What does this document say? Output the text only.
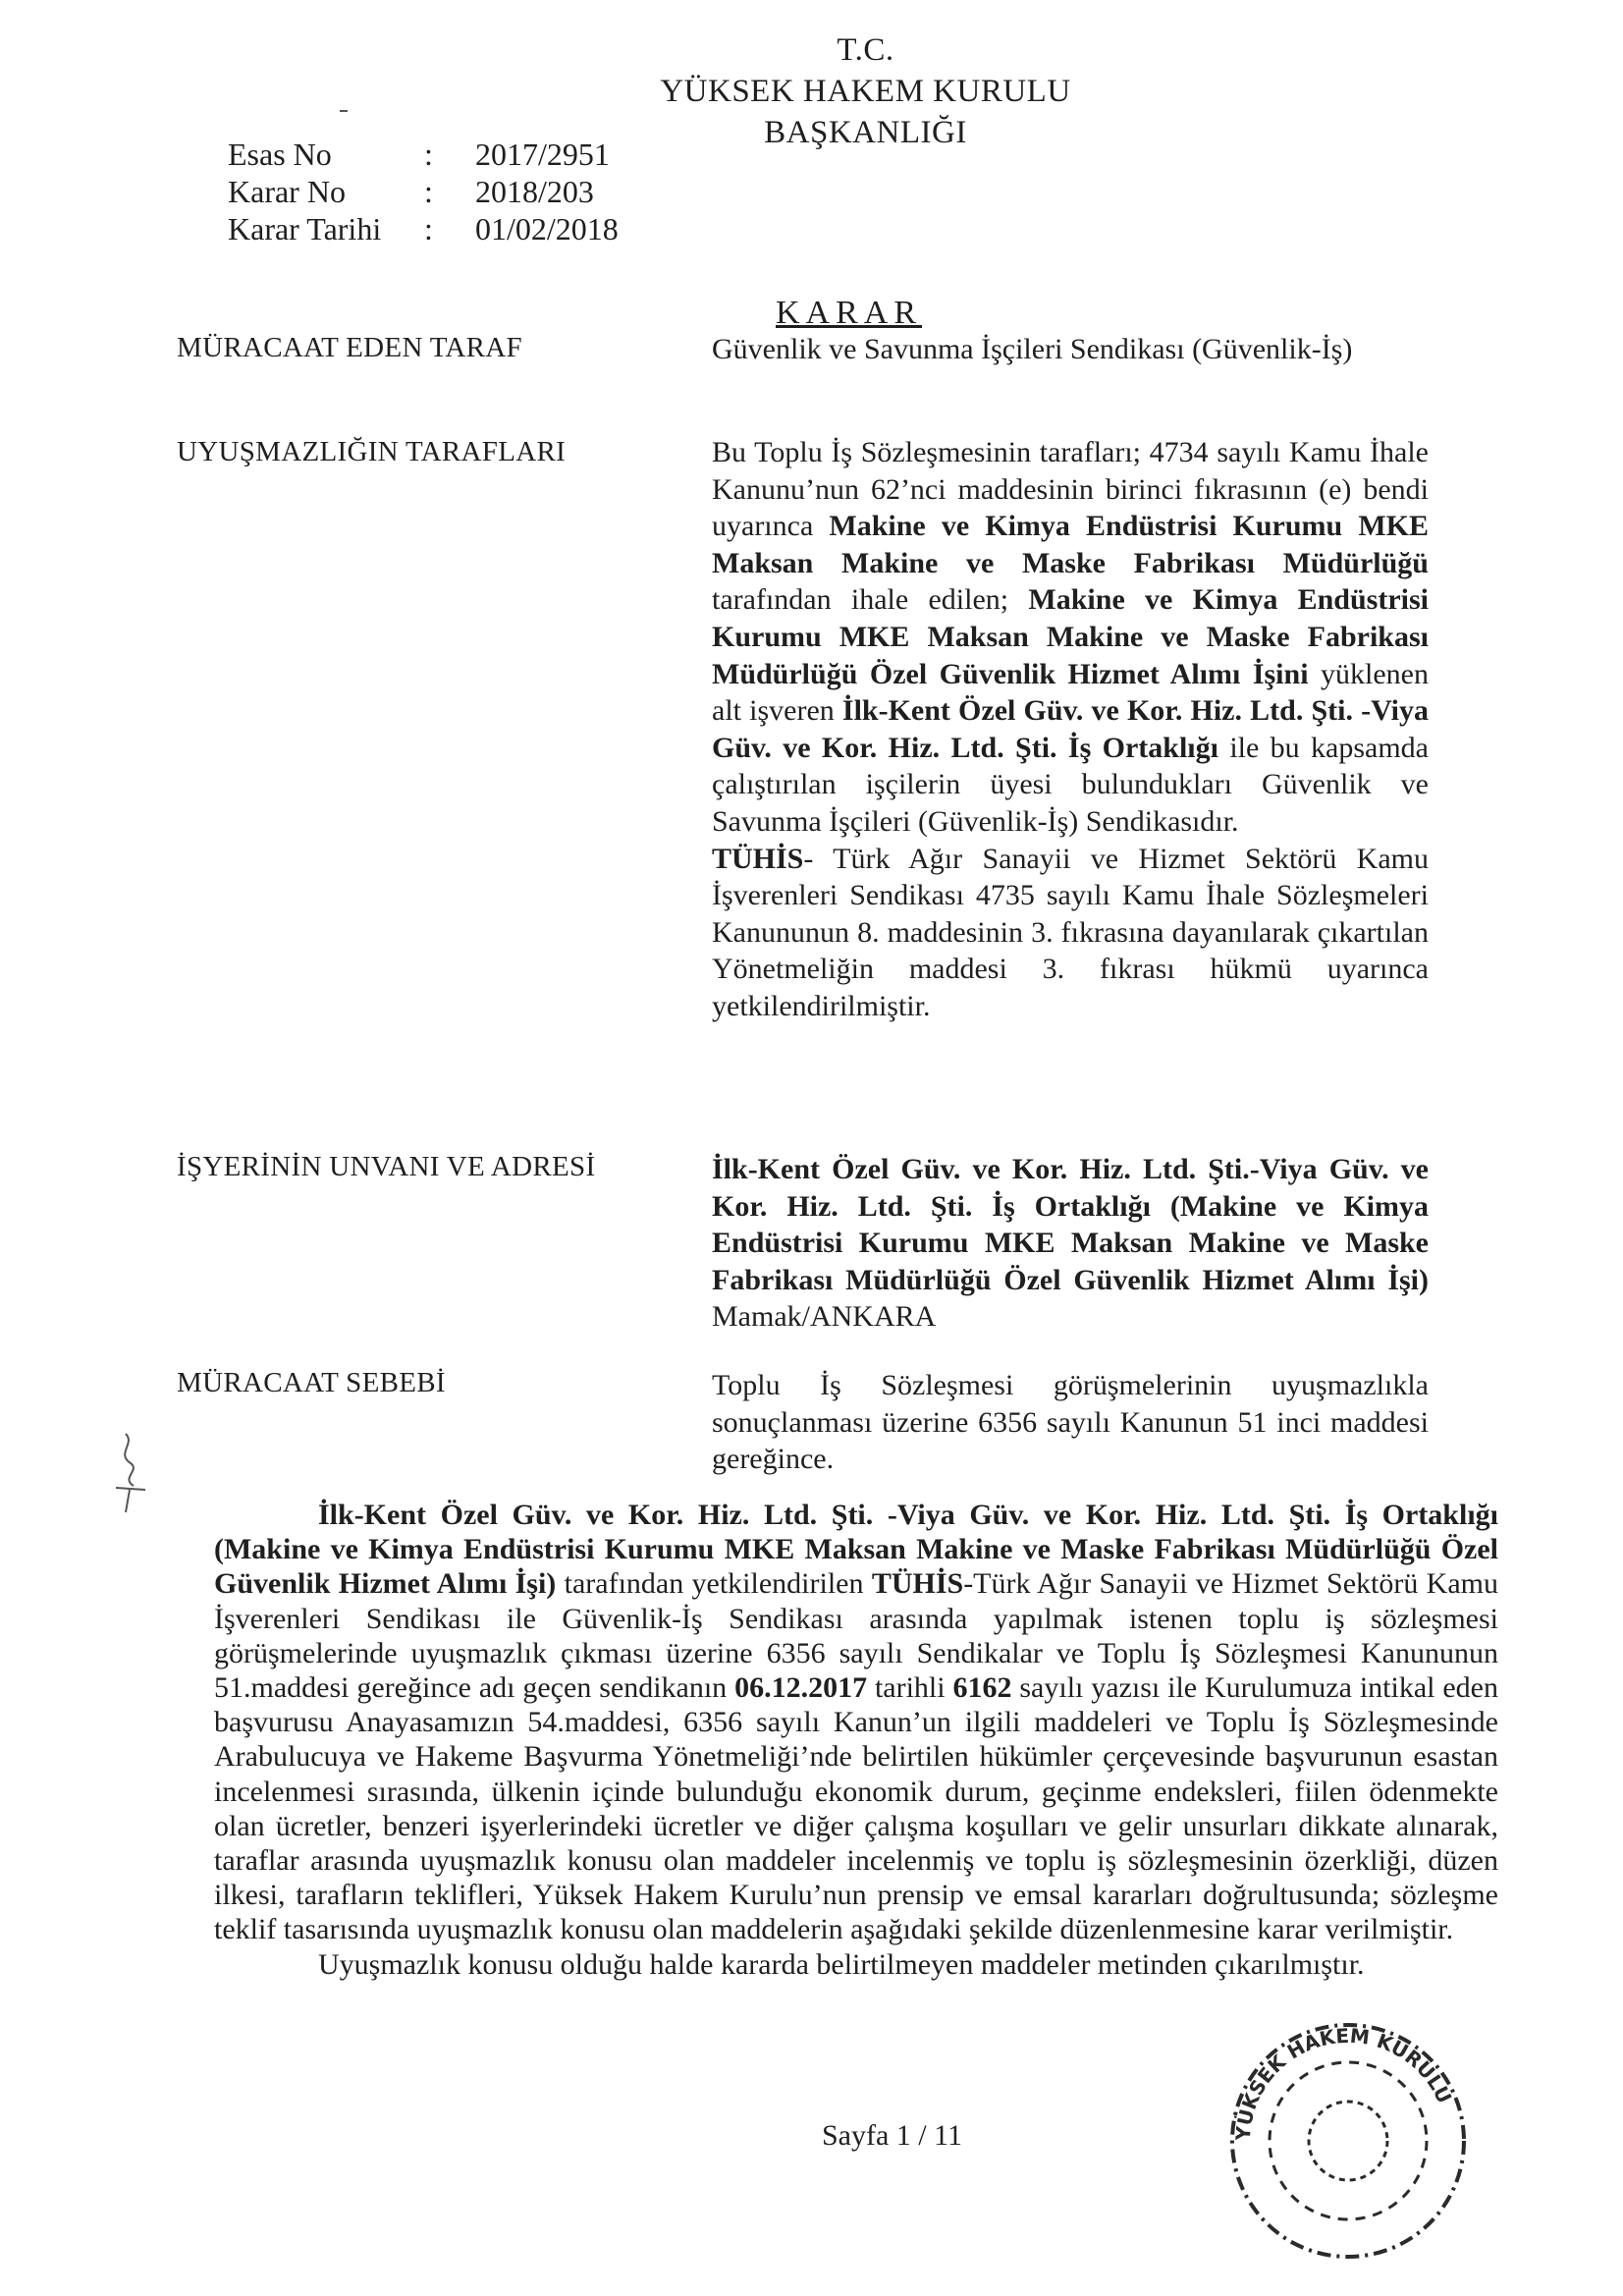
T.C.
YÜKSEK HAKEM KURULU
BAŞKANLIĞI
Esas No	:	2017/2951
Karar No	:	2018/203
Karar Tarihi	:	01/02/2018
KARAR
MÜRACAAT EDEN TARAF	Güvenlik ve Savunma İşçileri Sendikası (Güvenlik-İş)

UYUŞMAZLIĞIN TARAFLARI	Bu Toplu İş Sözleşmesinin tarafları; 4734 sayılı Kamu İhale Kanunu’nun 62’nci maddesinin birinci fıkrasının (e) bendi uyarınca Makine ve Kimya Endüstrisi Kurumu MKE Maksan Makine ve Maske Fabrikası Müdürlüğü tarafından ihale edilen; Makine ve Kimya Endüstrisi Kurumu MKE Maksan Makine ve Maske Fabrikası Müdürlüğü Özel Güvenlik Hizmet Alımı İşini yüklenen alt işveren İlk-Kent Özel Güv. ve Kor. Hiz. Ltd. Şti. -Viya Güv. ve Kor. Hiz. Ltd. Şti. İş Ortaklığı ile bu kapsamda çalıştırılan işçilerin üyesi bulundukları Güvenlik ve Savunma İşçileri (Güvenlik-İş) Sendikasıdır.

TÜHİS- Türk Ağır Sanayii ve Hizmet Sektörü Kamu İşverenleri Sendikası 4735 sayılı Kamu İhale Sözleşmeleri Kanununun 8. maddesinin 3. fıkrasına dayanılarak çıkartılan Yönetmeliğin maddesi 3. fıkrası hükmü uyarınca yetkilendirilmiştir.

İŞYERİNİN UNVANI VE ADRESİ	İlk-Kent Özel Güv. ve Kor. Hiz. Ltd. Şti.-Viya Güv. ve Kor. Hiz. Ltd. Şti. İş Ortaklığı (Makine ve Kimya Endüstrisi Kurumu MKE Maksan Makine ve Maske Fabrikası Müdürlüğü Özel Güvenlik Hizmet Alımı İşi) Mamak/ANKARA

MÜRACAAT SEBEBİ	Toplu İş Sözleşmesi görüşmelerinin uyuşmazlıkla sonuçlanması üzerine 6356 sayılı Kanunun 51 inci maddesi gereğince.

İlk-Kent Özel Güv. ve Kor. Hiz. Ltd. Şti. -Viya Güv. ve Kor. Hiz. Ltd. Şti. İş Ortaklığı (Makine ve Kimya Endüstrisi Kurumu MKE Maksan Makine ve Maske Fabrikası Müdürlüğü Özel Güvenlik Hizmet Alımı İşi) tarafından yetkilendirilen TÜHİS-Türk Ağır Sanayii ve Hizmet Sektörü Kamu İşverenleri Sendikası ile Güvenlik-İş Sendikası arasında yapılmak istenen toplu iş sözleşmesi görüşmelerinde uyuşmazlık çıkması üzerine 6356 sayılı Sendikalar ve Toplu İş Sözleşmesi Kanununun 51.maddesi gereğince adı geçen sendikanın 06.12.2017 tarihli 6162 sayılı yazısı ile Kurulumuza intikal eden başvurusu Anayasamızın 54.maddesi, 6356 sayılı Kanun’un ilgili maddeleri ve Toplu İş Sözleşmesinde Arabulucuya ve Hakeme Başvurma Yönetmeliği’nde belirtilen hükümler çerçevesinde başvurunun esastan incelenmesi sırasında, ülkenin içinde bulunduğu ekonomik durum, geçinme endeksleri, fiilen ödenmekte olan ücretler, benzeri işyerlerindeki ücretler ve diğer çalışma koşulları ve gelir unsurları dikkate alınarak, taraflar arasında uyuşmazlık konusu olan maddeler incelenmiş ve toplu iş sözleşmesinin özerkliği, düzen ilkesi, tarafların teklifleri, Yüksek Hakem Kurulu’nun prensip ve emsal kararları doğrultusunda; sözleşme teklif tasarısında uyuşmazlık konusu olan maddelerin aşağıdaki şekilde düzenlenmesine karar verilmiştir.

Uyuşmazlık konusu olduğu halde kararda belirtilmeyen maddeler metinden çıkarılmıştır.

YÜKSEK HAKEM KURULU
Sayfa 1 / 11
